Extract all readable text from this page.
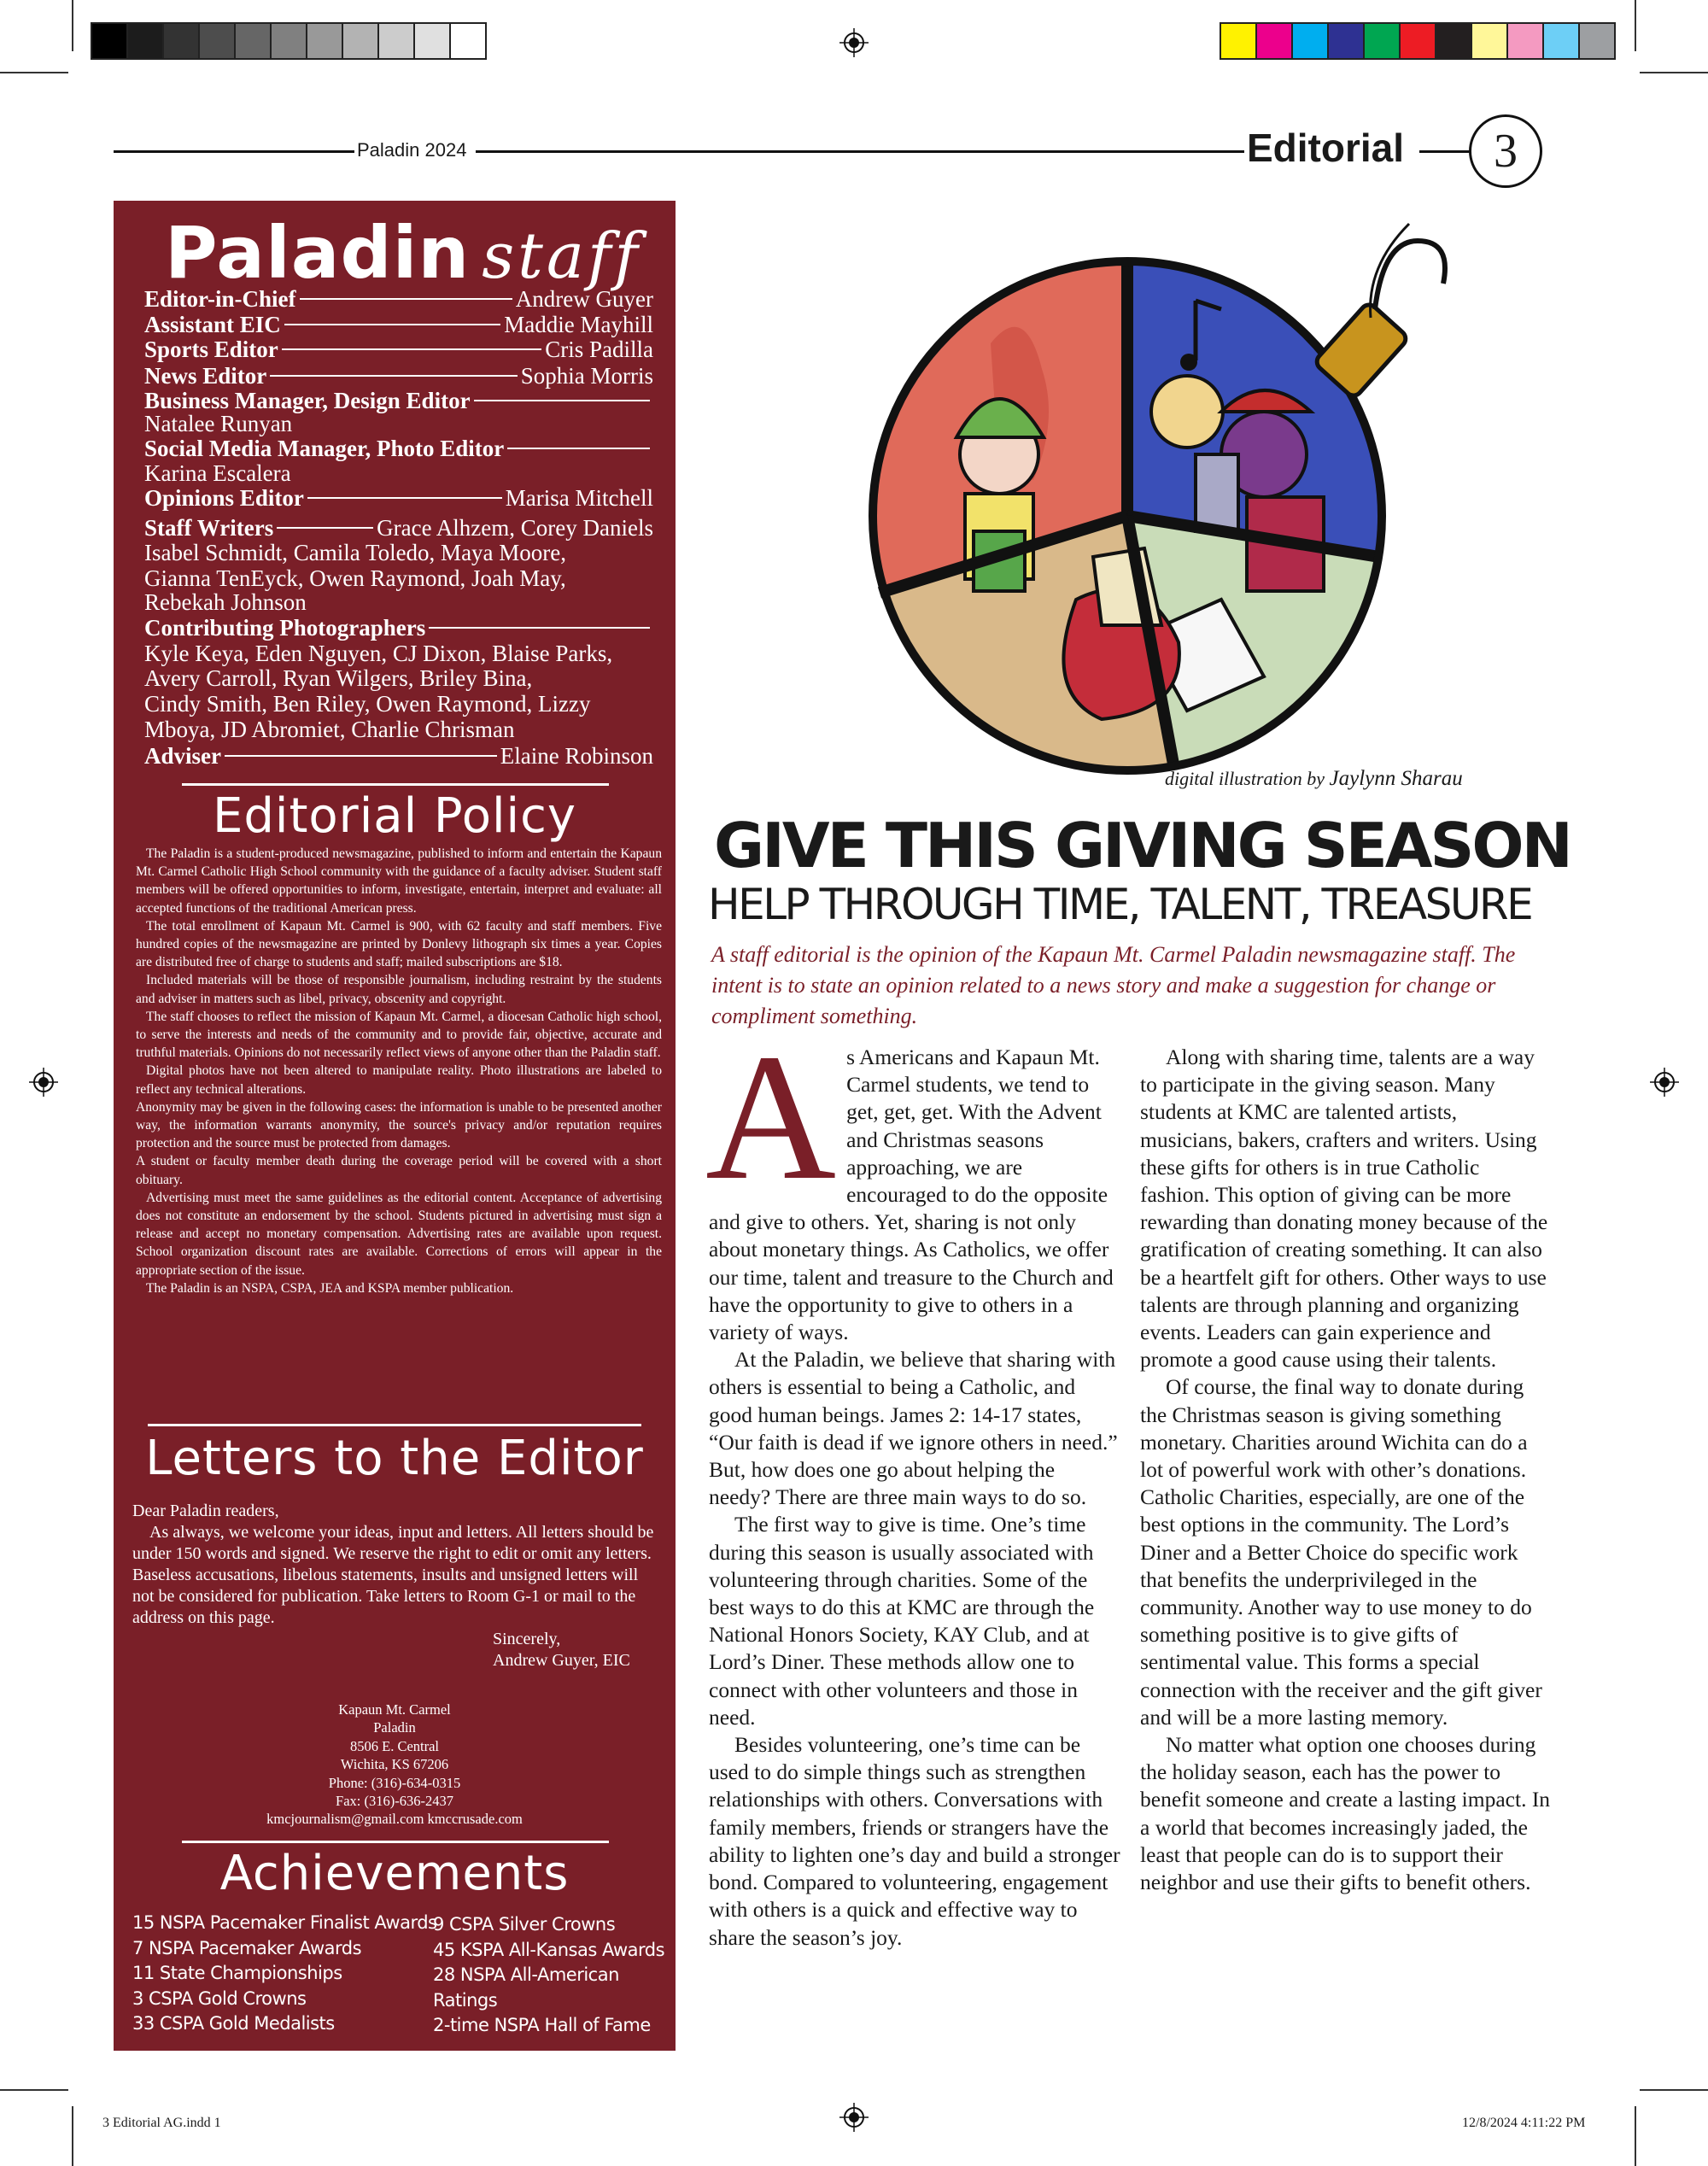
Paladin 2024	Editorial	3
Paladin staff
Editor-in-Chief	Andrew Guyer
Assistant EIC	Maddie Mayhill
Sports Editor	Cris Padilla
News Editor	Sophia Morris
Business Manager, Design Editor
Natalee Runyan
Social Media Manager, Photo Editor
Karina Escalera
Opinions Editor	Marisa Mitchell
Staff Writers	Grace Alhzem, Corey Daniels
Isabel Schmidt, Camila Toledo, Maya Moore,
Gianna TenEyck, Owen Raymond, Joah May,
Rebekah Johnson
Contributing Photographers
Kyle Keya, Eden Nguyen, CJ Dixon, Blaise Parks,
Avery Carroll, Ryan Wilgers, Briley Bina,
Cindy Smith, Ben Riley, Owen Raymond, Lizzy
Mboya, JD Abromiet, Charlie Chrisman
Adviser	Elaine Robinson
Editorial Policy

The Paladin is a student-produced newsmagazine, published to inform and entertain the Kapaun Mt. Carmel Catholic High School community with the guidance of a faculty adviser. Student staff members will be offered opportunities to inform, investigate, entertain, interpret and evaluate: all accepted functions of the traditional American press.

The total enrollment of Kapaun Mt. Carmel is 900, with 62 faculty and staff members. Five hundred copies of the newsmagazine are printed by Donlevy lithograph six times a year. Copies are distributed free of charge to students and staff; mailed subscriptions are $18.

Included materials will be those of responsible journalism, including restraint by the students and adviser in matters such as libel, privacy, obscenity and copyright.

The staff chooses to reflect the mission of Kapaun Mt. Carmel, a diocesan Catholic high school, to serve the interests and needs of the community and to provide fair, objective, accurate and truthful materials. Opinions do not necessarily reflect views of anyone other than the Paladin staff.

Digital photos have not been altered to manipulate reality. Photo illustrations are labeled to reflect any technical alterations.

Anonymity may be given in the following cases: the information is unable to be presented another way, the information warrants anonymity, the source's privacy and/or reputation requires protection and the source must be protected from damages.

A student or faculty member death during the coverage period will be covered with a short obituary.

Advertising must meet the same guidelines as the editorial content. Acceptance of advertising does not constitute an endorsement by the school. Students pictured in advertising must sign a release and accept no monetary compensation. Advertising rates are available upon request. School organization discount rates are available. Corrections of errors will appear in the appropriate section of the issue.

The Paladin is an NSPA, CSPA, JEA and KSPA member publication.

Letters to the Editor

Dear Paladin readers,

As always, we welcome your ideas, input and letters. All letters should be under 150 words and signed. We reserve the right to edit or omit any letters. Baseless accusations, libelous statements, insults and unsigned letters will not be considered for publication. Take letters to Room G-1 or mail to the address on this page.

Sincerely,

Andrew Guyer, EIC

Kapaun Mt. Carmel
Paladin
8506 E. Central
Wichita, KS 67206
Phone: (316)-634-0315
Fax: (316)-636-2437
kmcjournalism@gmail.com kmccrusade.com
Achievements
15 NSPA Pacemaker Finalist Awards
7 NSPA Pacemaker Awards
11 State Championships
3 CSPA Gold Crowns
33 CSPA Gold Medalists
9 CSPA Silver Crowns
45 KSPA All-Kansas Awards
28 NSPA All-American
Ratings
2-time NSPA Hall of Fame
digital illustration by Jaylynn Sharau
GIVE THIS GIVING SEASON
HELP THROUGH TIME, TALENT, TREASURE
A staff editorial is the opinion of the Kapaun Mt. Carmel Paladin newsmagazine staff. The intent is to state an opinion related to a news story and make a suggestion for change or compliment something.

As Americans and Kapaun Mt. Carmel students, we tend to get, get, get. With the Advent and Christmas seasons approaching, we are encouraged to do the opposite and give to others. Yet, sharing is not only about monetary things. As Catholics, we offer our time, talent and treasure to the Church and have the opportunity to give to others in a variety of ways.

At the Paladin, we believe that sharing with others is essential to being a Catholic, and good human beings. James 2: 14-17 states, “Our faith is dead if we ignore others in need.” But, how does one go about helping the needy? There are three main ways to do so.

The first way to give is time. One’s time during this season is usually associated with volunteering through charities. Some of the best ways to do this at KMC are through the National Honors Society, KAY Club, and at Lord’s Diner. These methods allow one to connect with other volunteers and those in need.

Besides volunteering, one’s time can be used to do simple things such as strengthen relationships with others. Conversations with family members, friends or strangers have the ability to lighten one’s day and build a stronger bond. Compared to volunteering, engagement with others is a quick and effective way to share the season’s joy.

Along with sharing time, talents are a way to participate in the giving season. Many students at KMC are talented artists, musicians, bakers, crafters and writers. Using these gifts for others is in true Catholic fashion. This option of giving can be more rewarding than donating money because of the gratification of creating something. It can also be a heartfelt gift for others. Other ways to use talents are through planning and organizing events. Leaders can gain experience and promote a good cause using their talents.

Of course, the final way to donate during the Christmas season is giving something monetary. Charities around Wichita can do a lot of powerful work with other’s donations. Catholic Charities, especially, are one of the best options in the community. The Lord’s Diner and a Better Choice do specific work that benefits the underprivileged in the community. Another way to use money to do something positive is to give gifts of sentimental value. This forms a special connection with the receiver and the gift giver and will be a more lasting memory.

No matter what option one chooses during the holiday season, each has the power to benefit someone and create a lasting impact. In a world that becomes increasingly jaded, the least that people can do is to support their neighbor and use their gifts to benefit others.

3 Editorial AG.indd 1	12/8/2024 4:11:22 PM
